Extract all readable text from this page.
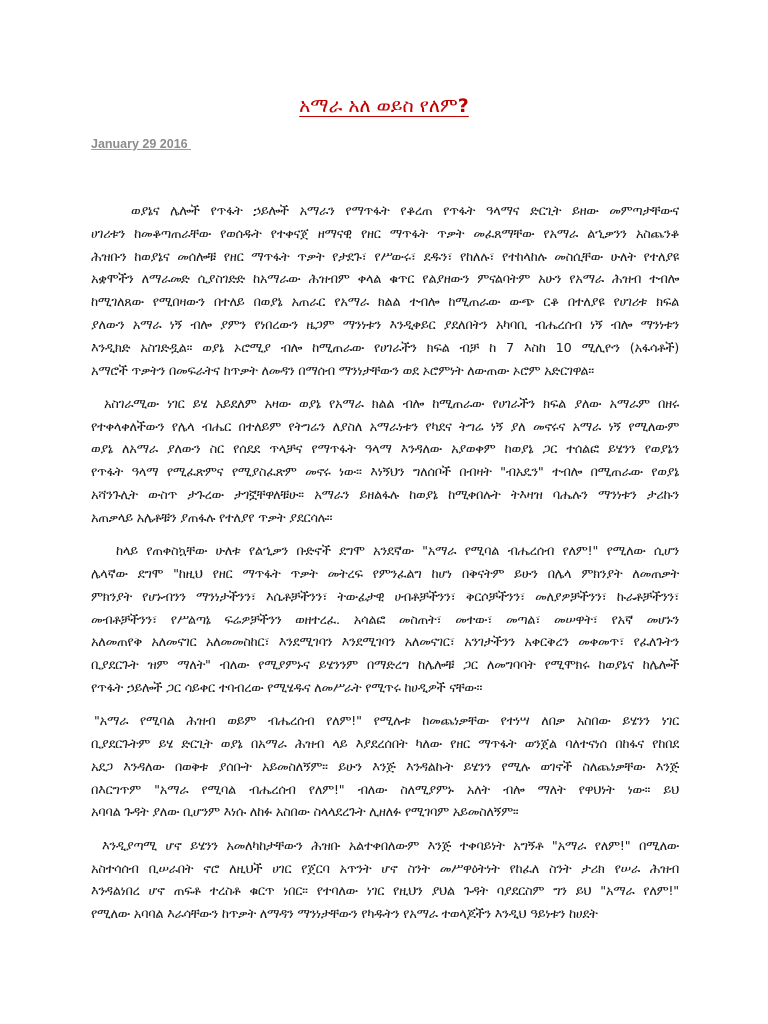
አማራ አለ ወይስ የለም?
January 29 2016
ወያኔና ሌሎች የጥፋት ኃይሎች አማራን የማጥፋት የቆረጠ የጥፋት ዓላማና ድርጊት ይዘው መምጣታቸውና
ሀገሪቱን ከመቆጣጠራቸው የወሰዱት የተቀናጀ ዘማናዊ የዘር ማጥፋት ጥቃት መፈጸማቸው የአማራ ልኂቃንን አስጨንቆ
ሕዝቡን ከወያኔና መሰሎቹ የዘር ማጥፋት ጥቃት የታደጉ፣ የሥውሩ፣ ደዱን፣ የከለሉ፣ የተከላከሉ መስሲቸው ሁለት የተለያዩ
አቋሞችን ለማራመድ ሲያስገድድ ከአማራው ሕዝብም ቀላል ቁጥር የልያዘውን ምናልባትም አሁን የአማራ ሕዝብ ተብሎ
ከሚገለጸው የሚበዛውን በተለይ በወያኔ አጠራር የአማራ ክልል ተብሎ ከሚጠራው ውጭ ርቆ በተለያዩ የሀገሪቱ ክፍል
ያለውን አማራ ነኝ ብሎ ያምን የነበረውን ዜጋም ማንነቱን እንዲቀይር ያደለበትን አካባቢ ብሔረሰብ ነኝ ብሎ ማንነቱን
እንዲክድ አስገድዷል፡፡ ወያኔ ኦሮሚያ ብሎ ከሚጠራው የሀገራችን ክፍል ብቻ ከ 7 እስከ 10 ሚሊዮን (አፋሳቶች)
አማሮች ጥቃትን በመፍራትና ከጥቃት ለመዳን በማሰብ ማንነታቸውን ወደ ኦሮምነት ለውጠው ኦሮም አድርገዋል፡፡
አስገራሚው ነገር ይሄ አይደለም አዛው ወያኔ የአማራ ክልል ብሎ ከሚጠራው የሀገራችን ክፍል ያለው አማራም በዘሩ
የተቀላቀለችውን የሌላ ብሔር በተለይም የትግሬን ለያስለ አማራነቱን የካደና ትግሬ ነኝ ያለ መኖሩና አማራ ነኝ የሚለውም
ወያኔ ለአማራ ያለውን ስር የሰደደ ጥላቻና የማጥፋት ዓላማ እንዳለው አያወቀም ከወያኔ ጋር ተሰልፎ ይሄንን የወያኔን
የጥፋት ዓላማ የሚፈጽምና የሚያስፈጽም መኖሩ ነው፡፡ እነኝህን ግለሰቦች በብዛት "ብአዴን" ተብሎ በሚጠራው የወያኔ
አሻንጉሊት ውስጥ ታጉረው ታገኟቸዋለቹሁ፡፡ አማራን ይዘልፋሉ ከወያኔ ከሚቀበሉት ትእዛዝ ባሔሉን ማንነቱን ታሪኩን
አጠቃላይ አሌቶቹን ያጠፋሉ የተለያየ ጥቃት ያደርሳሉ፡፡
ከላይ የጠቀስኳቸው ሁለቱ የልኂቃን ቡድኖች ደግሞ አንደኛው "አማራ የሚባል ብሔረሰብ የለም!" የሚለው ሲሆን
ሌላኛው ደግሞ "ከዚህ የዘር ማጥፋት ጥቃት መትረፍ የምንፈልግ ከሆነ በቅናትም ይሁን በሌላ ምክንያት ለመጠቃት
ምክንያት የሆኑብንን ማንነታችንን፣ እሴቶቻችንን፣ ትውፊታዊ ሀብቶቻችንን፣ ቅርሶቻችንን፣ መለያዎቻችንን፣ ኩራቶቻችንን፣
መብቶቻችንን፣ የሥልጣኔ ፍሬዎቻችንን ወዘተረፈ. አሳልፎ መስጠት፣ መተው፣ መጣል፣ መሠዋት፣ የአኛ መሆኑን
አለመጠየቅ አለመናገር አለመመስከር፣ እንደሚገባን እንደሚገባን አለመናገር፣ አንገታችንን አቀርቅረን መቀመጥ፣ የፈለጉትን
ቢያደርጉት ዝም ማለት" ብለው የሚያምኑና ይሄንንም በማድረግ ከሌሎቹ ጋር ለመግባባት የሚሞክሩ ከወያኔና ከሌሎች
የጥፋት ኃይሎች ጋር ሳይቀር ተባብረው የሚሄዱና ለመሥራት የሚጥሩ ከሀዲዎች ናቸው፡፡
"አማራ የሚባል ሕዝብ ወይም ብሔረሰብ የለም!" የሚሉቱ ከመጨነቃቸው የተነሣ ለበቃ አስበው ይሄንን ነገር
ቢያደርጉትም ይሄ ድርጊት ወያኔ በአማራ ሕዝብ ላይ እያደረሰበት ካለው የዘር ማጥፋት ወንጀል ባለተናነሰ በከፋና የከበደ
አደጋ እንዳለው በወቅቱ ያሰቡት አይመስለኝም፡፡ ይሁን እንጅ እንዳልኩት ይሄንን የሚሉ ወገኖች ስለጨነቃቸው እንጅ
በእርግጥም "አማራ የሚባል ብሔረሰብ የለም!" ብለው ስለሚያምኑ አለት ብሎ ማለት የዋህነት ነው፡፡ ይህ
አባባል ጉዳት ያለው ቢሆንም እነሱ ለከፉ አስበው ስላላደረጉት ሊዘለፉ የሚገባም አይመስለኝም፡፡
እንዲያጣሚ ሆኖ ይሄንን አመለካከታቸውን ሕዝቡ አልተቀበለውም እንጅ ተቀባይነት አግኝቶ "አማራ የለም!" በሚለው
አስተሳሰብ ቢሠራበት ኖሮ ለዚህች ሀገር የጀርባ አጥንት ሆኖ ስንት መሥዋዕትነት የከፈለ ስንት ታሪክ የሠራ ሕዝብ
እንዳልነበረ ሆኖ ጠፍቶ ተረስቶ ቁርጥ ነበር፡፡ የተባለው ነገር የዚህን ያህል ጉዳት ባያደርስም ግን ይህ "አማራ የለም!"
የሚለው አባባል እራሳቸውን ከጥቃት ለማዳን ማንነታቸውን የካዱትን የአማራ ተወላጆችን እንዲህ ዓይነቱን ከሀደት
